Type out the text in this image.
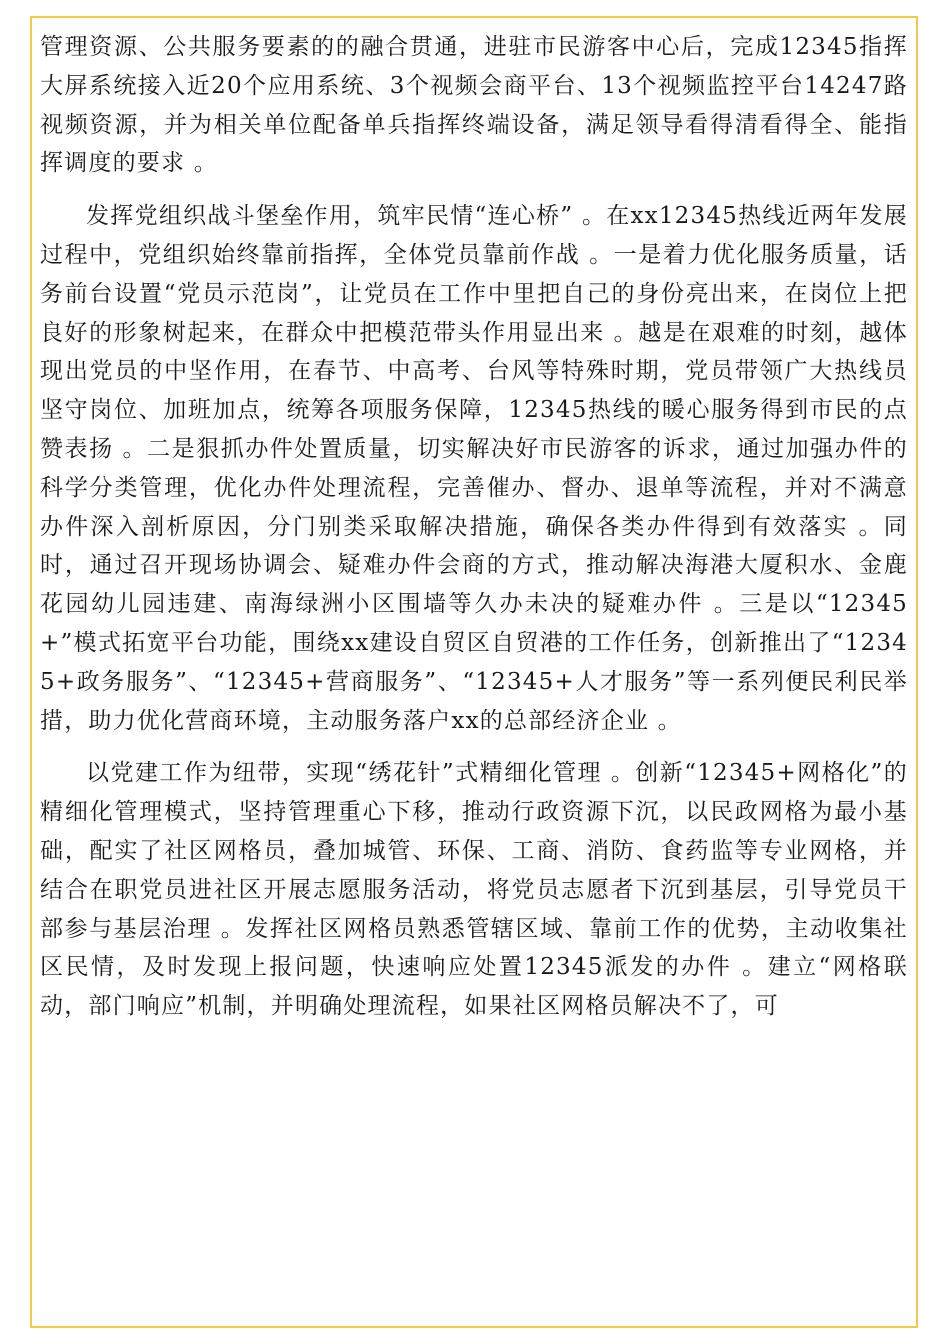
管理资源、公共服务要素的的融合贯通，进驻市民游客中心后，完成12345指挥大屏系统接入近20个应用系统、3个视频会商平台、13个视频监控平台14247路视频资源，并为相关单位配备单兵指挥终端设备，满足领导看得清看得全、能指挥调度的要求 。

发挥党组织战斗堡垒作用，筑牢民情“连心桥” 。在xx12345热线近两年发展过程中，党组织始终靠前指挥，全体党员靠前作战 。一是着力优化服务质量，话务前台设置“党员示范岗”，让党员在工作中里把自己的身份亮出来，在岗位上把良好的形象树起来，在群众中把模范带头作用显出来 。越是在艰难的时刻，越体现出党员的中坚作用，在春节、中高考、台风等特殊时期，党员带领广大热线员坚守岗位、加班加点，统筹各项服务保障，12345热线的暖心服务得到市民的点赞表扬 。二是狠抓办件处置质量，切实解决好市民游客的诉求，通过加强办件的科学分类管理，优化办件处理流程，完善催办、督办、退单等流程，并对不满意办件深入剖析原因，分门别类采取解决措施，确保各类办件得到有效落实 。同时，通过召开现场协调会、疑难办件会商的方式，推动解决海港大厦积水、金鹿花园幼儿园违建、南海绿洲小区围墙等久办未决的疑难办件 。三是以“12345+”模式拓宽平台功能，围绕xx建设自贸区自贸港的工作任务，创新推出了“12345+政务服务”、“12345+营商服务”、“12345+人才服务”等一系列便民利民举措，助力优化营商环境，主动服务落户xx的总部经济企业 。

以党建工作为纽带，实现“绣花针”式精细化管理 。创新“12345+网格化”的精细化管理模式，坚持管理重心下移，推动行政资源下沉，以民政网格为最小基础，配实了社区网格员，叠加城管、环保、工商、消防、食药监等专业网格，并结合在职党员进社区开展志愿服务活动，将党员志愿者下沉到基层，引导党员干部参与基层治理 。发挥社区网格员熟悉管辖区域、靠前工作的优势，主动收集社区民情，及时发现上报问题，快速响应处置12345派发的办件 。建立“网格联动，部门响应”机制，并明确处理流程，如果社区网格员解决不了，可
